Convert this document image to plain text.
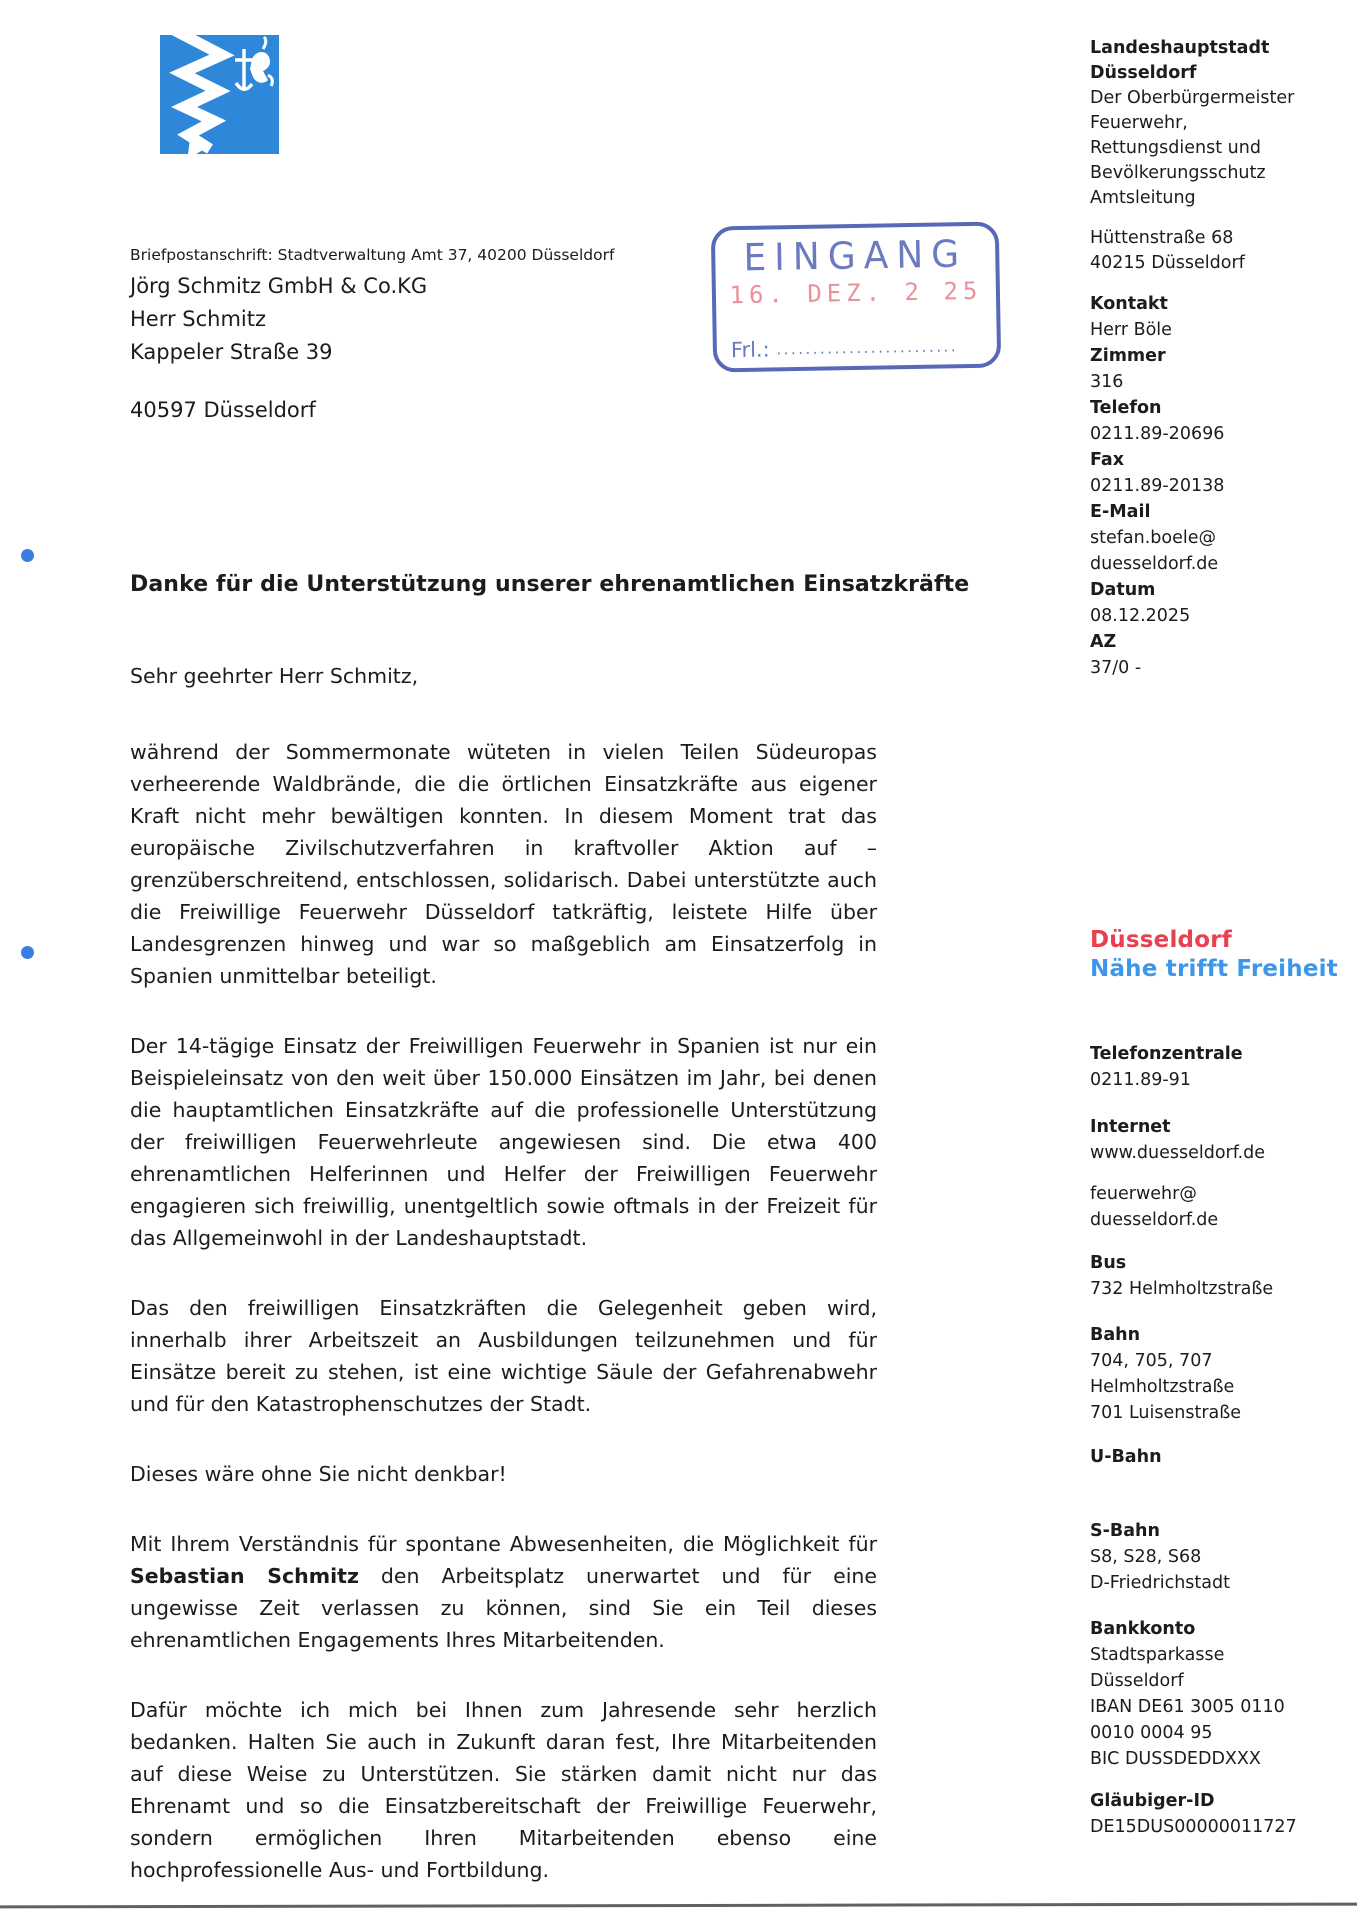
Landeshauptstadt
Düsseldorf
Der Oberbürgermeister
Feuerwehr,
Rettungsdienst und
Bevölkerungsschutz
Amtsleitung
Hüttenstraße 68
40215 Düsseldorf
Kontakt
Herr Böle
Zimmer
316
Telefon
0211.89-20696
Fax
0211.89-20138
E-Mail
stefan.boele@
duesseldorf.de
Datum
08.12.2025
AZ
37/0 -
Düsseldorf
Nähe trifft Freiheit
Telefonzentrale
0211.89-91
Internet
www.duesseldorf.de
feuerwehr@
duesseldorf.de
Bus
732 Helmholtzstraße
Bahn
704, 705, 707
Helmholtzstraße
701 Luisenstraße
U-Bahn
S-Bahn
S8, S28, S68
D-Friedrichstadt
Bankkonto
Stadtsparkasse
Düsseldorf
IBAN DE61 3005 0110
0010 0004 95
BIC DUSSDEDDXXX
Gläubiger-ID
DE15DUS00000011727
Briefpostanschrift: Stadtverwaltung Amt 37, 40200 Düsseldorf
Jörg Schmitz GmbH & Co.KG
Herr Schmitz
Kappeler Straße 39
40597 Düsseldorf
EINGANG
16. DEZ. 2 25
Frl.: .........................
Danke für die Unterstützung unserer ehrenamtlichen Einsatzkräfte
Sehr geehrter Herr Schmitz,

während der Sommermonate wüteten in vielen Teilen Südeuropas verheerende Waldbrände, die die örtlichen Einsatzkräfte aus eigener Kraft nicht mehr bewältigen konnten. In diesem Moment trat das europäische Zivilschutzverfahren in kraftvoller Aktion auf – grenzüberschreitend, entschlossen, solidarisch. Dabei unterstützte auch die Freiwillige Feuerwehr Düsseldorf tatkräftig, leistete Hilfe über Landesgrenzen hinweg und war so maßgeblich am Einsatzerfolg in Spanien unmittelbar beteiligt.

Der 14-tägige Einsatz der Freiwilligen Feuerwehr in Spanien ist nur ein Beispieleinsatz von den weit über 150.000 Einsätzen im Jahr, bei denen die hauptamtlichen Einsatzkräfte auf die professionelle Unterstützung der freiwilligen Feuerwehrleute angewiesen sind. Die etwa 400 ehrenamtlichen Helferinnen und Helfer der Freiwilligen Feuerwehr engagieren sich freiwillig, unentgeltlich sowie oftmals in der Freizeit für das Allgemeinwohl in der Landeshauptstadt.

Das den freiwilligen Einsatzkräften die Gelegenheit geben wird, innerhalb ihrer Arbeitszeit an Ausbildungen teilzunehmen und für Einsätze bereit zu stehen, ist eine wichtige Säule der Gefahrenabwehr und für den Katastrophenschutzes der Stadt.

Dieses wäre ohne Sie nicht denkbar!

Mit Ihrem Verständnis für spontane Abwesenheiten, die Möglichkeit für Sebastian Schmitz den Arbeitsplatz unerwartet und für eine ungewisse Zeit verlassen zu können, sind Sie ein Teil dieses ehrenamtlichen Engagements Ihres Mitarbeitenden.

Dafür möchte ich mich bei Ihnen zum Jahresende sehr herzlich bedanken. Halten Sie auch in Zukunft daran fest, Ihre Mitarbeitenden auf diese Weise zu Unterstützen. Sie stärken damit nicht nur das Ehrenamt und so die Einsatzbereitschaft der Freiwillige Feuerwehr, sondern ermöglichen Ihren Mitarbeitenden ebenso eine hochprofessionelle Aus- und Fortbildung.
